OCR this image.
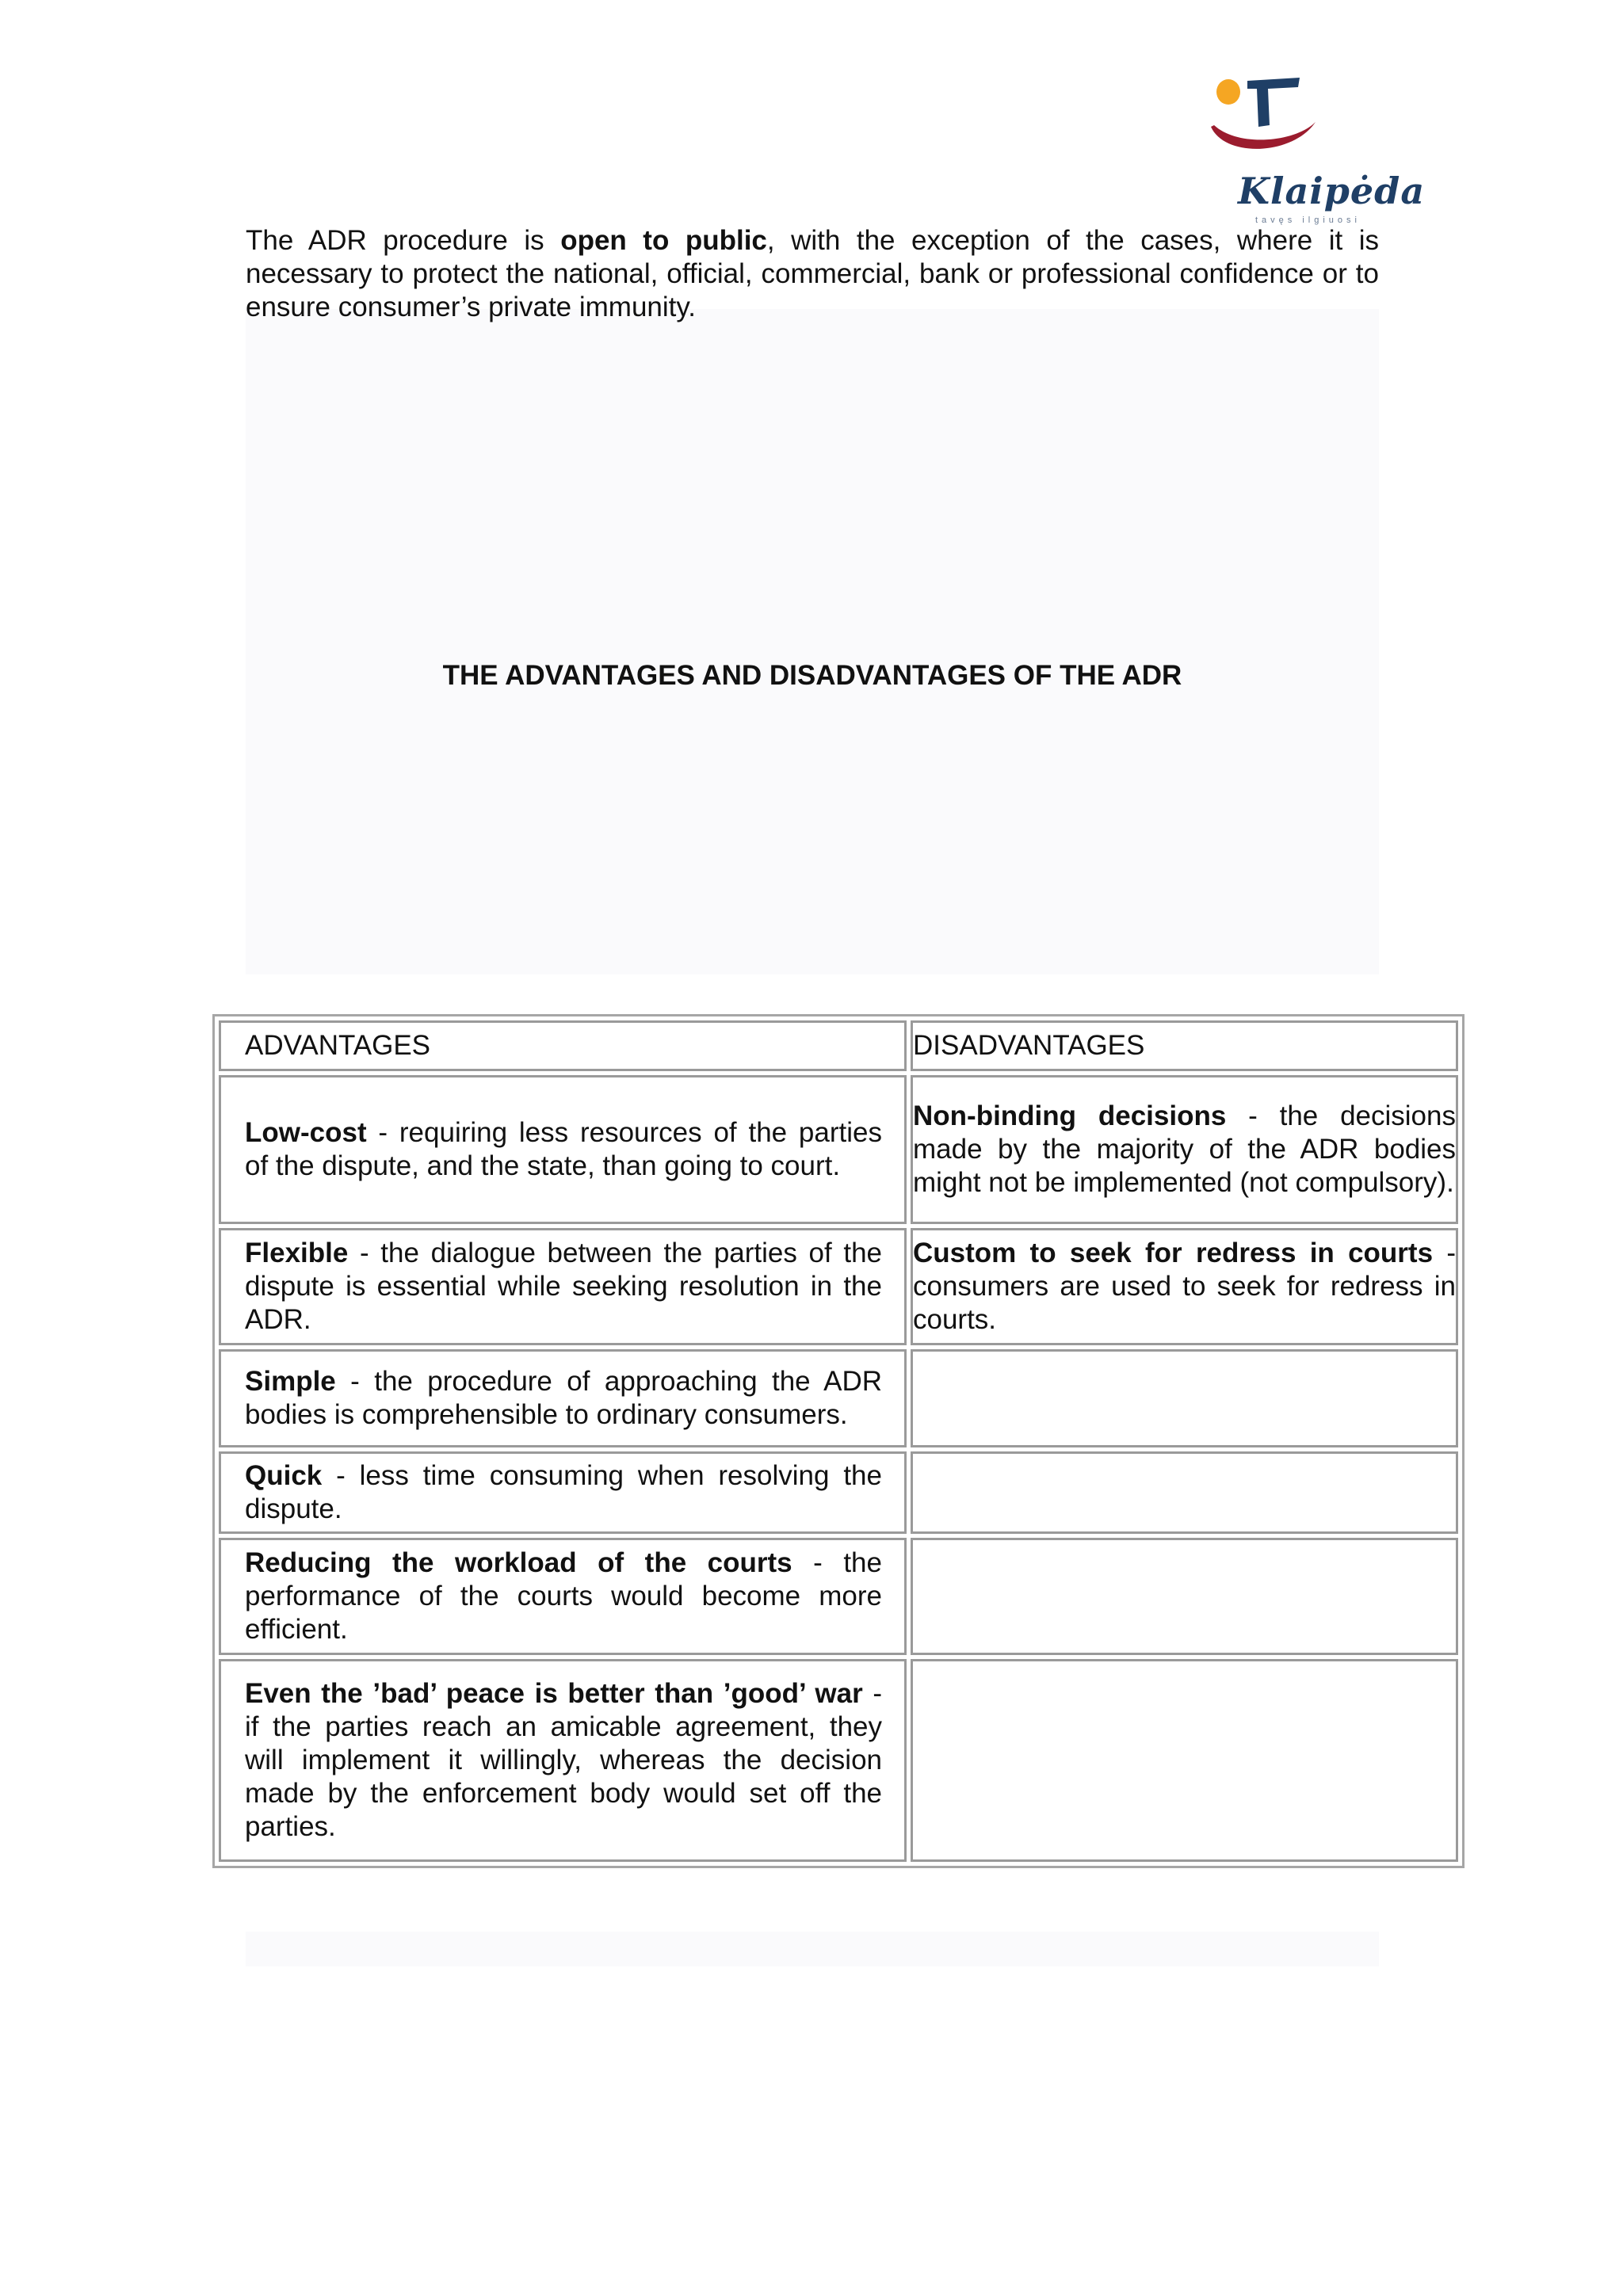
Klaipėda
tavęs ilgiuosi

The ADR procedure is open to public, with the exception of the cases, where it is necessary to protect the national, official, commercial, bank or professional confidence or to ensure consumer’s private immunity.

THE ADVANTAGES AND DISADVANTAGES OF THE ADR

ADVANTAGES	DISADVANTAGES
Low-cost - requiring less resources of the parties of the dispute, and the state, than going to court.	Non-binding decisions - the decisions made by the majority of the ADR bodies might not be implemented (not compulsory).
Flexible - the dialogue between the parties of the dispute is essential while seeking resolution in the ADR.	Custom to seek for redress in courts - consumers are used to seek for redress in courts.
Simple - the procedure of approaching the ADR bodies is comprehensible to ordinary consumers.	
Quick - less time consuming when resolving the dispute.	
Reducing the workload of the courts - the performance of the courts would become more efficient.	
Even the ’bad’ peace is better than ’good’ war - if the parties reach an amicable agreement, they will implement it willingly, whereas the decision made by the enforcement body would set off the parties.	
